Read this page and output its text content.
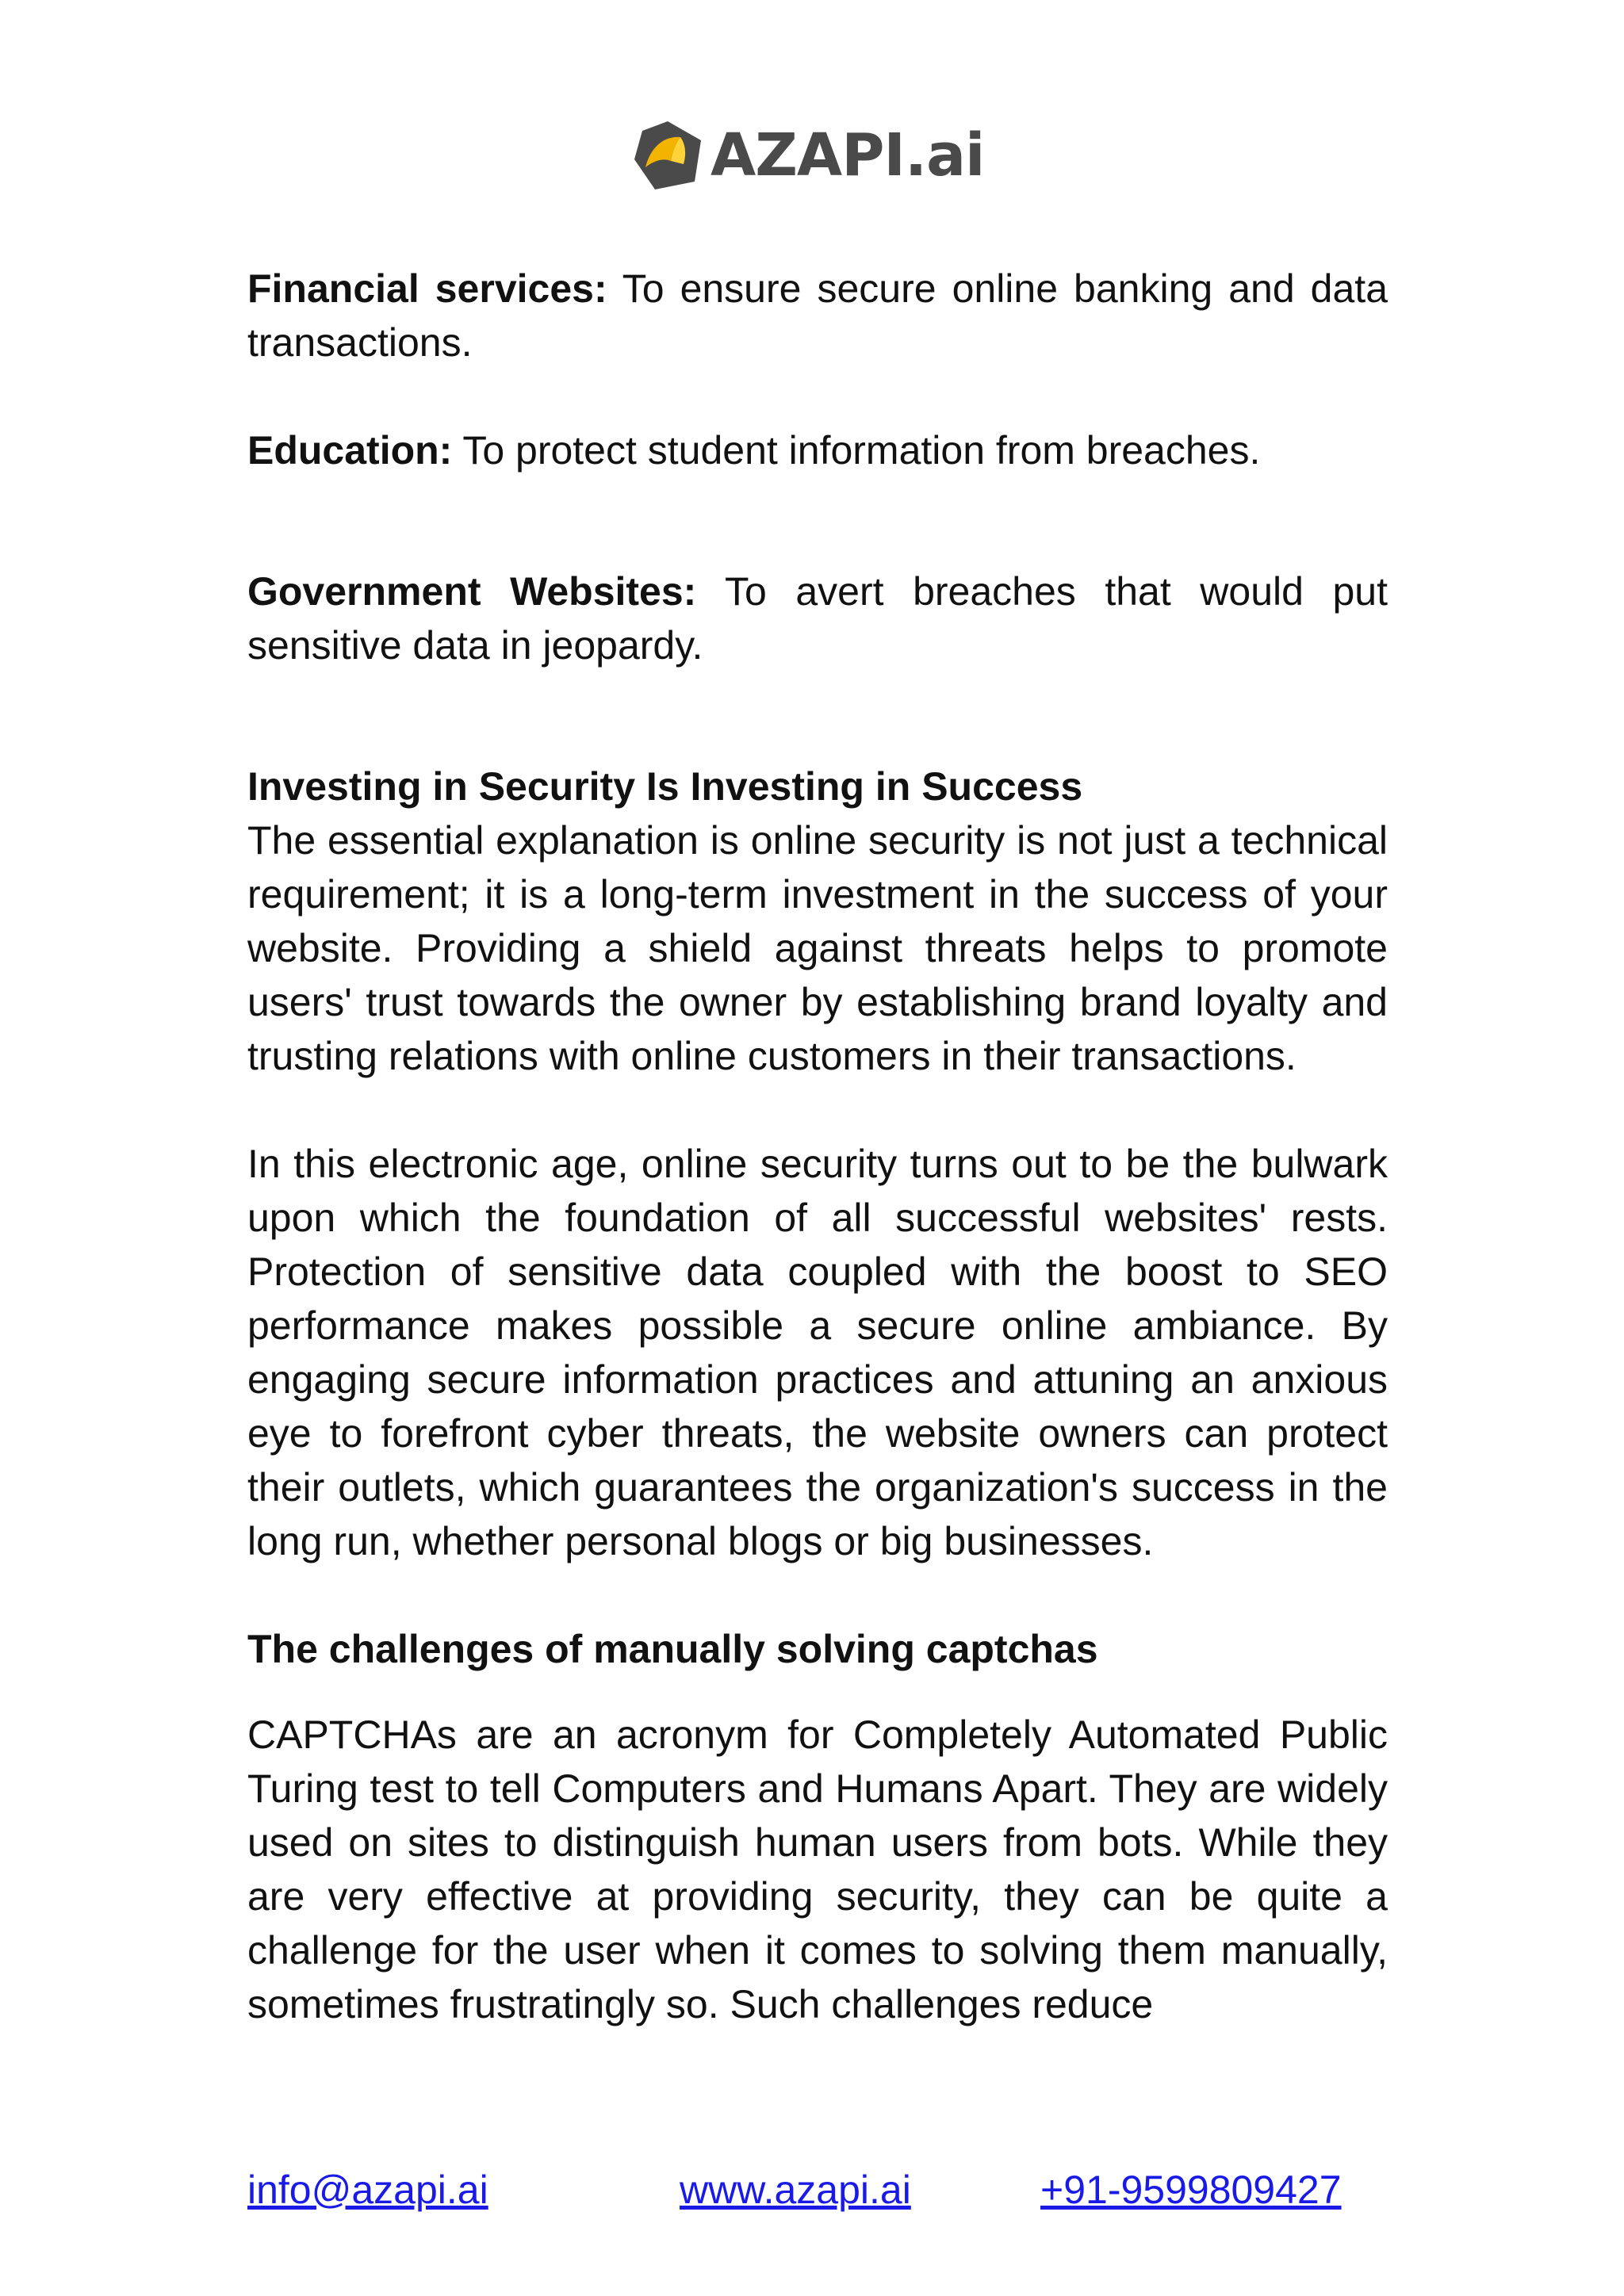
AZAPI.ai

Financial services: To ensure secure online banking and data transactions.

Education: To protect student information from breaches.

Government Websites: To avert breaches that would put sensitive data in jeopardy.

Investing in Security Is Investing in Success

The essential explanation is online security is not just a technical requirement; it is a long-term investment in the success of your website. Providing a shield against threats helps to promote users' trust towards the owner by establishing brand loyalty and trusting relations with online customers in their transactions.

In this electronic age, online security turns out to be the bulwark upon which the foundation of all successful websites' rests. Protection of sensitive data coupled with the boost to SEO performance makes possible a secure online ambiance. By engaging secure information practices and attuning an anxious eye to forefront cyber threats, the website owners can protect their outlets, which guarantees the organization's success in the long run, whether personal blogs or big businesses.

The challenges of manually solving captchas

CAPTCHAs are an acronym for Completely Automated Public Turing test to tell Computers and Humans Apart. They are widely used on sites to distinguish human users from bots. While they are very effective at providing security, they can be quite a challenge for the user when it comes to solving them manually, sometimes frustratingly so. Such challenges reduce

info@azapi.ai	www.azapi.ai	+91-9599809427
